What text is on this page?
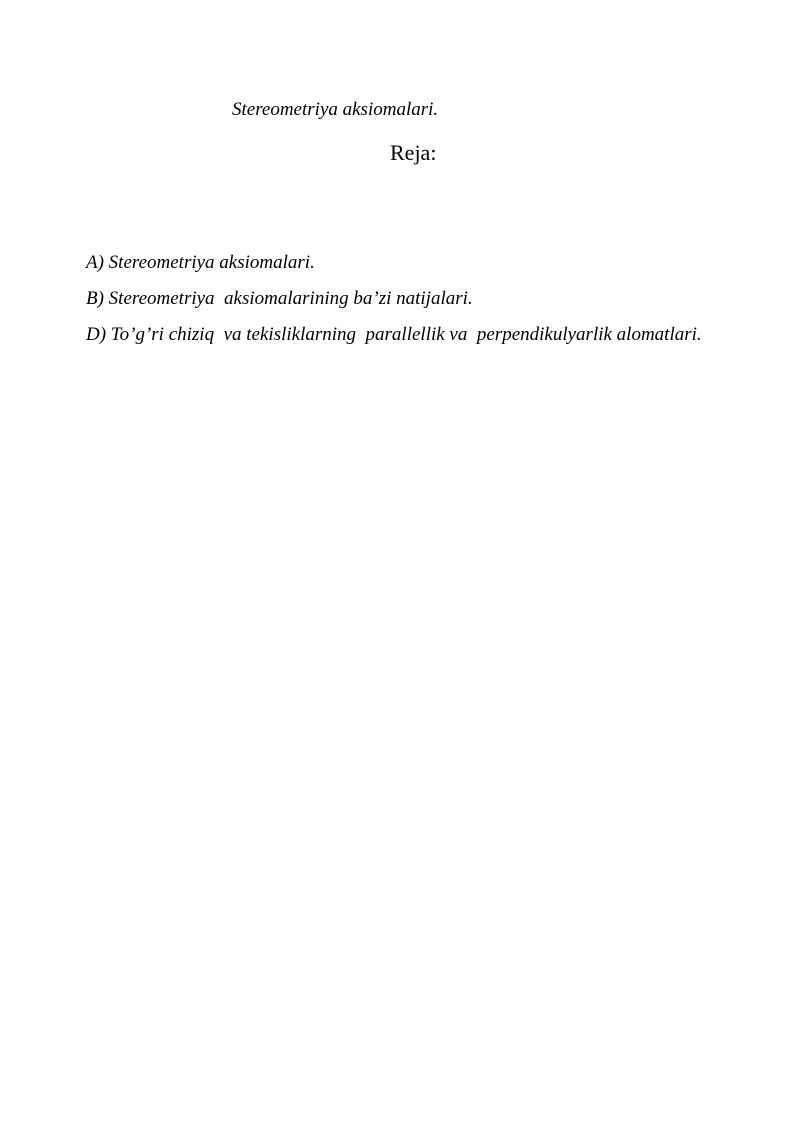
Stereometriya aksiomalari.
Reja:

A) Stereometriya aksiomalari.

B) Stereometriya  aksiomalarining ba’zi natijalari.

D) To’g’ri chiziq  va tekisliklarning  parallellik va  perpendikulyarlik alomatlari.
